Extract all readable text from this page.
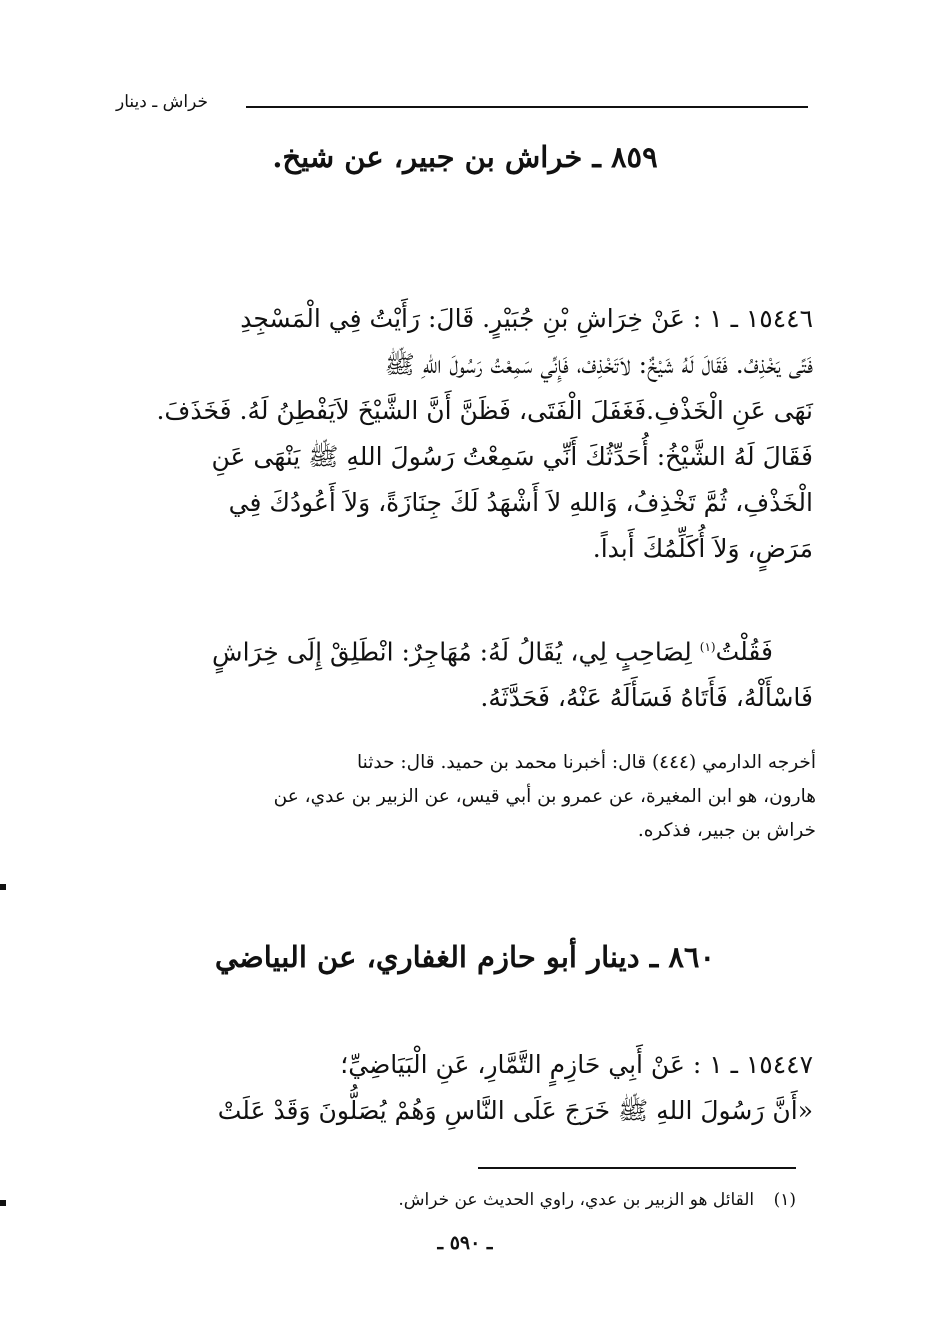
خراش ـ دينار
٨٥٩ ـ خراش بن جبير، عن شيخ.
١٥٤٤٦ ـ ١ : عَنْ خِرَاشِ بْنِ جُبَيْرٍ. قَالَ: رَأَيْتُ فِي الْمَسْجِدِ
فَتًى يَخْذِفُ. فَقَالَ لَهُ شَيْخٌ: لاَتَخْذِفْ، فَإِنِّي سَمِعْتُ رَسُولَ اللهِ ﷺ
نَهَى عَنِ الْخَذْفِ.فَغَفَلَ الْفَتَى، فَظَنَّ أَنَّ الشَّيْخَ لاَيَفْطِنُ لَهُ. فَخَذَفَ.
فَقَالَ لَهُ الشَّيْخُ: أُحَدِّثُكَ أَنِّي سَمِعْتُ رَسُولَ اللهِ ﷺ يَنْهَى عَنِ
الْخَذْفِ، ثُمَّ تَخْذِفُ، وَاللهِ لاَ أَشْهَدُ لَكَ جِنَازَةً، وَلاَ أَعُودُكَ فِي
مَرَضٍ، وَلاَ أُكَلِّمُكَ أَبداً.
فَقُلْتُ$^{(١)}$ لِصَاحِبٍ لِي، يُقَالُ لَهُ: مُهَاجِرٌ: انْطَلِقْ إِلَى خِرَاشٍ
فَاسْأَلْهُ، فَأَتَاهُ فَسَأَلَهُ عَنْهُ، فَحَدَّثَهُ.
أخرجه الدارمي (٤٤٤) قال: أخبرنا محمد بن حميد. قال: حدثنا
هارون، هو ابن المغيرة، عن عمرو بن أبي قيس، عن الزبير بن عدي، عن
خراش بن جبير، فذكره.
٨٦٠ ـ دينار أبو حازم الغفاري، عن البياضي
١٥٤٤٧ ـ ١ : عَنْ أَبِي حَازِمٍ التَّمَّارِ، عَنِ الْبَيَاضِيِّ؛
«أَنَّ رَسُولَ اللهِ ﷺ خَرَجَ عَلَى النَّاسِ وَهُمْ يُصَلُّونَ وَقَدْ عَلَتْ
(١) القائل هو الزبير بن عدي، راوي الحديث عن خراش.
ـ ٥٩٠ ـ
